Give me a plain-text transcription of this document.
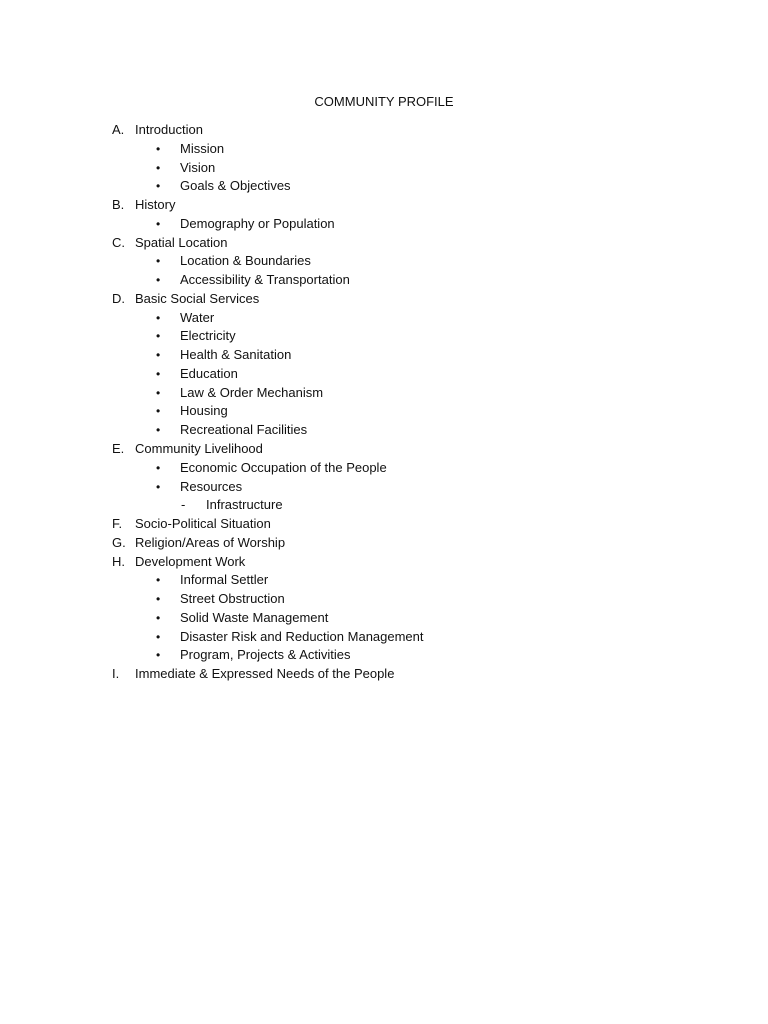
COMMUNITY PROFILE
A. Introduction
• Mission
• Vision
• Goals & Objectives
B. History
• Demography or Population
C. Spatial Location
• Location & Boundaries
• Accessibility & Transportation
D. Basic Social Services
• Water
• Electricity
• Health & Sanitation
• Education
• Law & Order Mechanism
• Housing
• Recreational Facilities
E. Community Livelihood
• Economic Occupation of the People
• Resources
- Infrastructure
F. Socio-Political Situation
G. Religion/Areas of Worship
H. Development Work
• Informal Settler
• Street Obstruction
• Solid Waste Management
• Disaster Risk and Reduction Management
• Program, Projects & Activities
I. Immediate & Expressed Needs of the People
